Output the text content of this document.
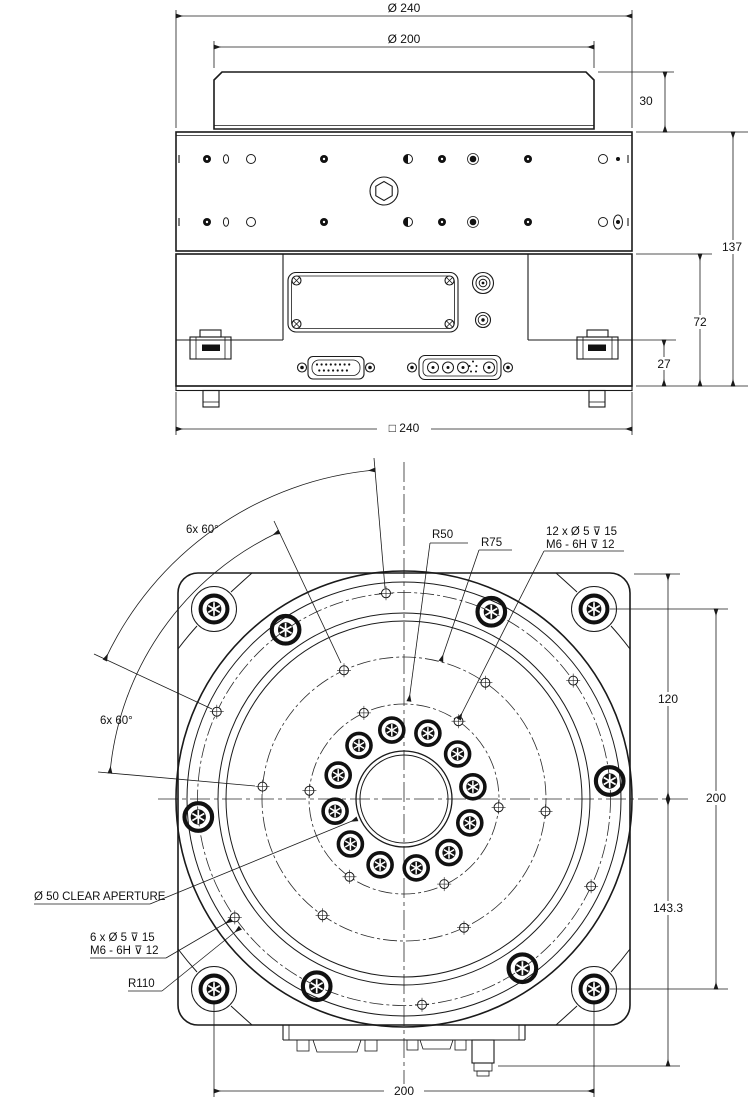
Ø 240
Ø 200
30
137
72
27
□ 240
6x 60°
6x 60°
R50
R75
12 x Ø 5 ⊽ 15
M6 - 6H ⊽ 12
Ø 50 CLEAR APERTURE
6 x Ø 5 ⊽ 15
M6 - 6H ⊽ 12
R110
120
143.3
200
200
